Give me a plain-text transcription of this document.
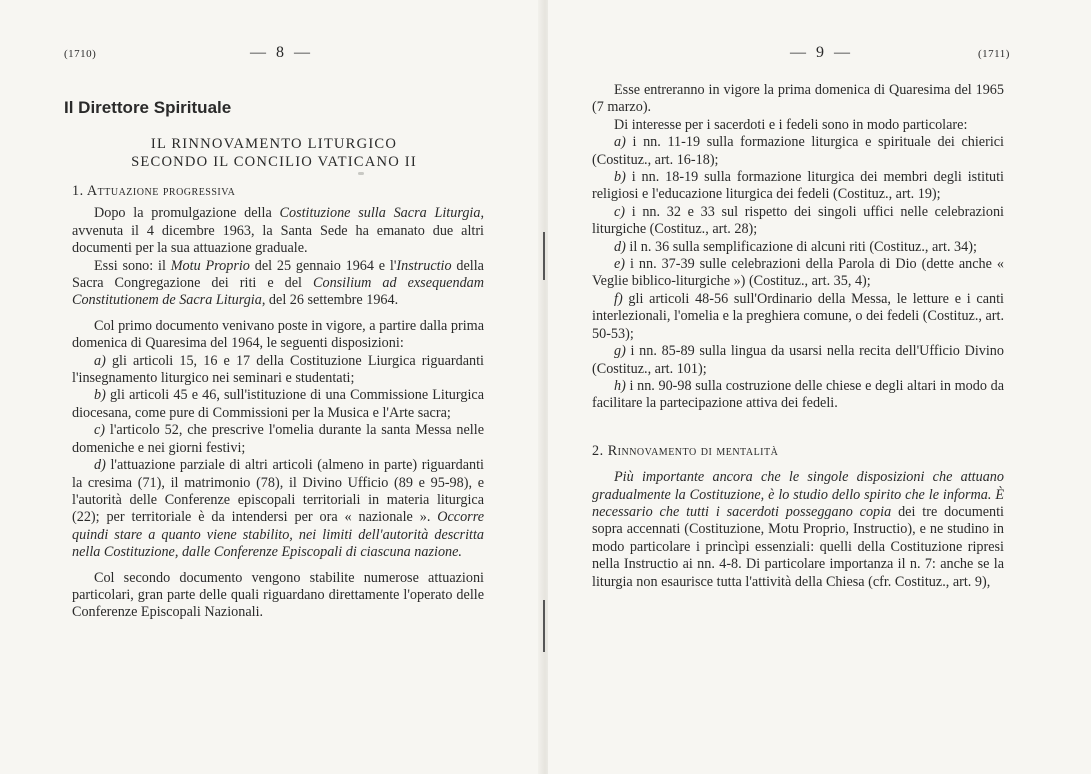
(1710)	— 8 —
Il Direttore Spirituale
IL RINNOVAMENTO LITURGICO
SECONDO IL CONCILIO VATICANO II

1. Attuazione progressiva

Dopo la promulgazione della Costituzione sulla Sacra Liturgia, avvenuta il 4 dicembre 1963, la Santa Sede ha emanato due altri documenti per la sua attuazione graduale.

Essi sono: il Motu Proprio del 25 gennaio 1964 e l'Instructio della Sacra Congregazione dei riti e del Consilium ad exsequendam Constitutionem de Sacra Liturgia, del 26 settembre 1964.

Col primo documento venivano poste in vigore, a partire dalla prima domenica di Quaresima del 1964, le seguenti disposizioni:

a) gli articoli 15, 16 e 17 della Costituzione Liurgica riguardanti l'insegnamento liturgico nei seminari e studentati;

b) gli articoli 45 e 46, sull'istituzione di una Commissione Liturgica diocesana, come pure di Commissioni per la Musica e l'Arte sacra;

c) l'articolo 52, che prescrive l'omelia durante la santa Messa nelle domeniche e nei giorni festivi;

d) l'attuazione parziale di altri articoli (almeno in parte) riguardanti la cresima (71), il matrimonio (78), il Divino Ufficio (89 e 95-98), e l'autorità delle Conferenze episcopali territoriali in materia liturgica (22); per territoriale è da intendersi per ora « nazionale ». Occorre quindi stare a quanto viene stabilito, nei limiti dell'autorità descritta nella Costituzione, dalle Conferenze Episcopali di ciascuna nazione.

Col secondo documento vengono stabilite numerose attuazioni particolari, gran parte delle quali riguardano direttamente l'operato delle Conferenze Episcopali Nazionali.

— 9 —	(1711)

Esse entreranno in vigore la prima domenica di Quaresima del 1965 (7 marzo).

Di interesse per i sacerdoti e i fedeli sono in modo particolare:

a) i nn. 11-19 sulla formazione liturgica e spirituale dei chierici (Costituz., art. 16-18);

b) i nn. 18-19 sulla formazione liturgica dei membri degli istituti religiosi e l'educazione liturgica dei fedeli (Costituz., art. 19);

c) i nn. 32 e 33 sul rispetto dei singoli uffici nelle celebrazioni liturgiche (Costituz., art. 28);

d) il n. 36 sulla semplificazione di alcuni riti (Costituz., art. 34);

e) i nn. 37-39 sulle celebrazioni della Parola di Dio (dette anche « Veglie biblico-liturgiche ») (Costituz., art. 35, 4);

f) gli articoli 48-56 sull'Ordinario della Messa, le letture e i canti interlezionali, l'omelia e la preghiera comune, o dei fedeli (Costituz., art. 50-53);

g) i nn. 85-89 sulla lingua da usarsi nella recita dell'Ufficio Divino (Costituz., art. 101);

h) i nn. 90-98 sulla costruzione delle chiese e degli altari in modo da facilitare la partecipazione attiva dei fedeli.

2. Rinnovamento di mentalità

Più importante ancora che le singole disposizioni che attuano gradualmente la Costituzione, è lo studio dello spirito che le informa. È necessario che tutti i sacerdoti posseggano copia dei tre documenti sopra accennati (Costituzione, Motu Proprio, Instructio), e ne studino in modo particolare i princìpi essenziali: quelli della Costituzione ripresi nella Instructio ai nn. 4-8. Di particolare importanza il n. 7: anche se la liturgia non esaurisce tutta l'attività della Chiesa (cfr. Costituz., art. 9),
